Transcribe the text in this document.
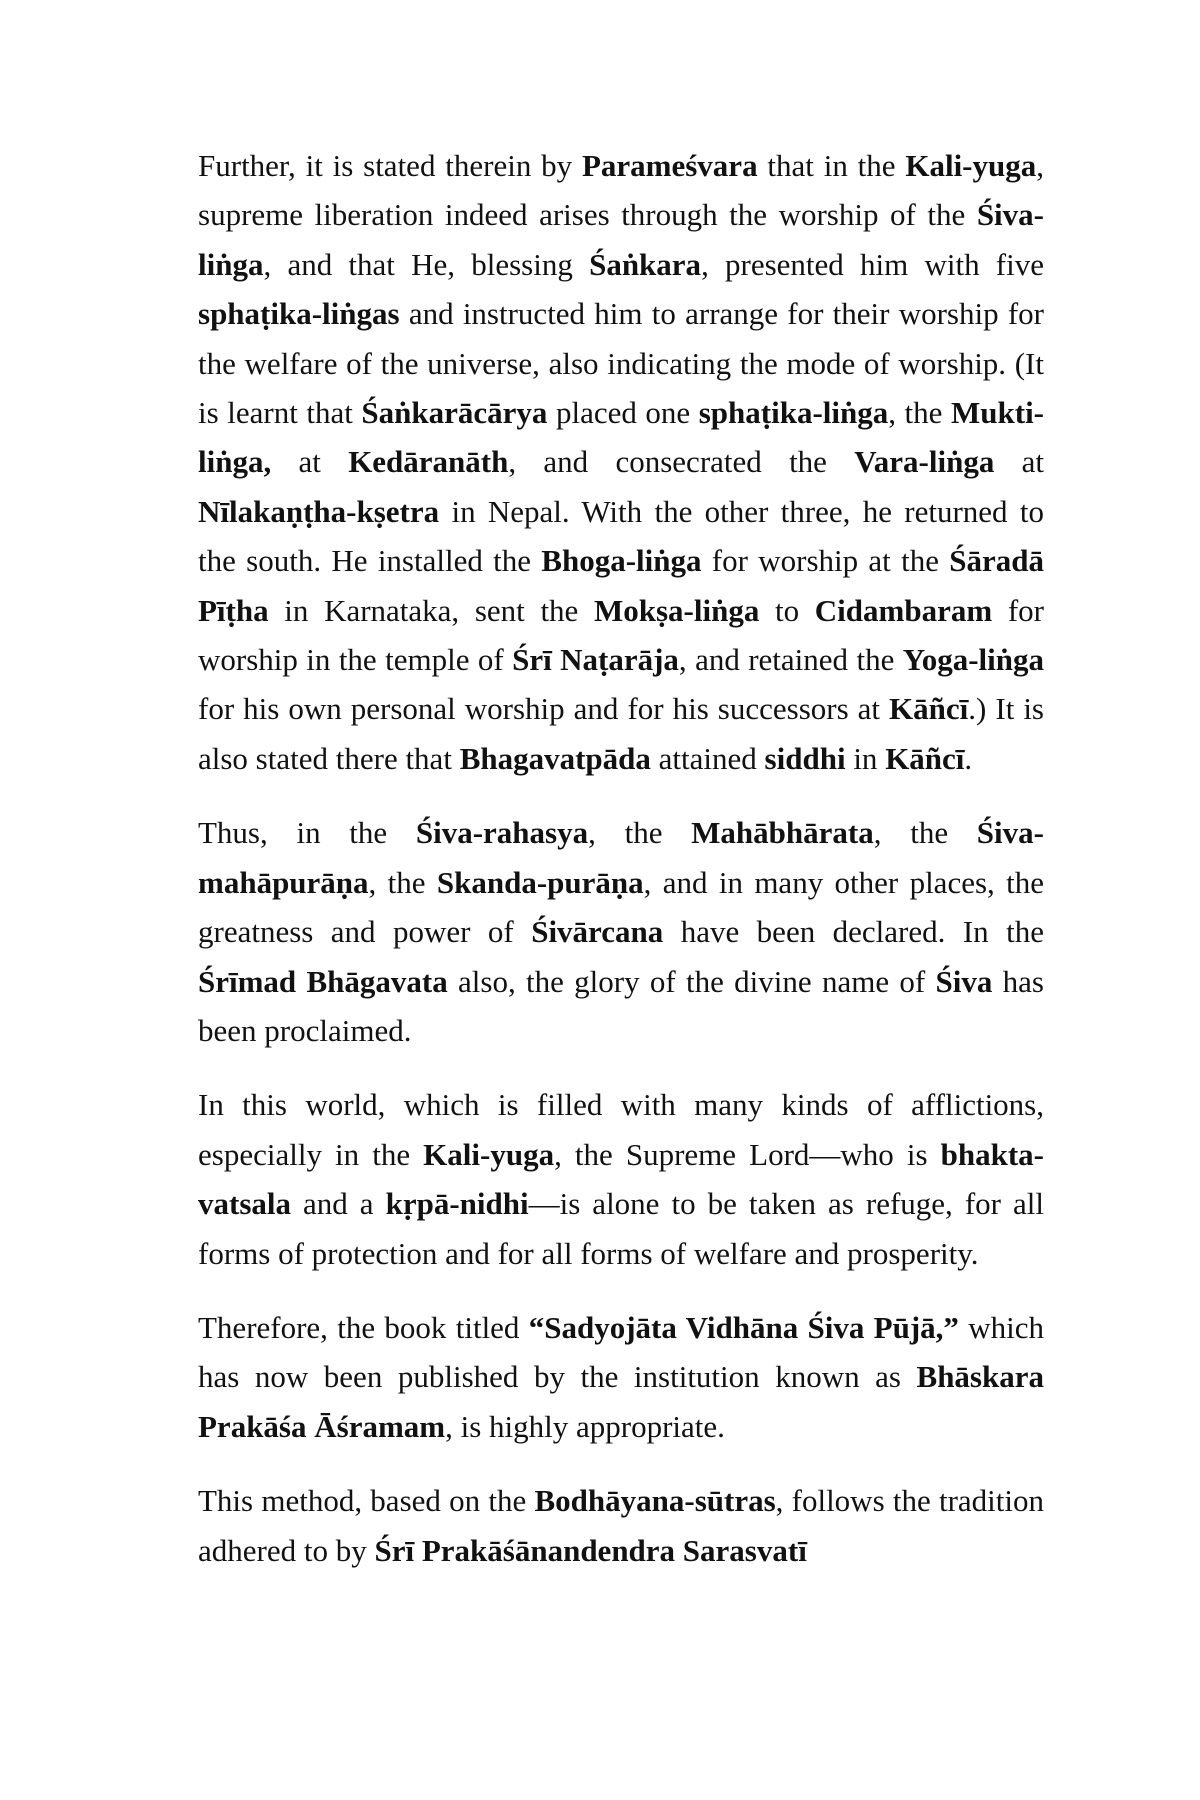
Further, it is stated therein by Parameśvara that in the Kali-yuga, supreme liberation indeed arises through the worship of the Śiva-liṅga, and that He, blessing Śaṅkara, presented him with five sphaṭika-liṅgas and instructed him to arrange for their worship for the welfare of the universe, also indicating the mode of worship. (It is learnt that Śaṅkarācārya placed one sphaṭika-liṅga, the Mukti-liṅga, at Kedāranāth, and consecrated the Vara-liṅga at Nīlakaṇṭha-kṣetra in Nepal. With the other three, he returned to the south. He installed the Bhoga-liṅga for worship at the Śāradā Pīṭha in Karnataka, sent the Mokṣa-liṅga to Cidambaram for worship in the temple of Śrī Naṭarāja, and retained the Yoga-liṅga for his own personal worship and for his successors at Kāñcī.) It is also stated there that Bhagavatpāda attained siddhi in Kāñcī.

Thus, in the Śiva-rahasya, the Mahābhārata, the Śiva-mahāpurāṇa, the Skanda-purāṇa, and in many other places, the greatness and power of Śivārcana have been declared. In the Śrīmad Bhāgavata also, the glory of the divine name of Śiva has been proclaimed.

In this world, which is filled with many kinds of afflictions, especially in the Kali-yuga, the Supreme Lord—who is bhakta-vatsala and a kṛpā-nidhi—is alone to be taken as refuge, for all forms of protection and for all forms of welfare and prosperity.

Therefore, the book titled “Sadyojāta Vidhāna Śiva Pūjā,” which has now been published by the institution known as Bhāskara Prakāśa Āśramam, is highly appropriate.

This method, based on the Bodhāyana-sūtras, follows the tradition adhered to by Śrī Prakāśānandendra Sarasvatī
